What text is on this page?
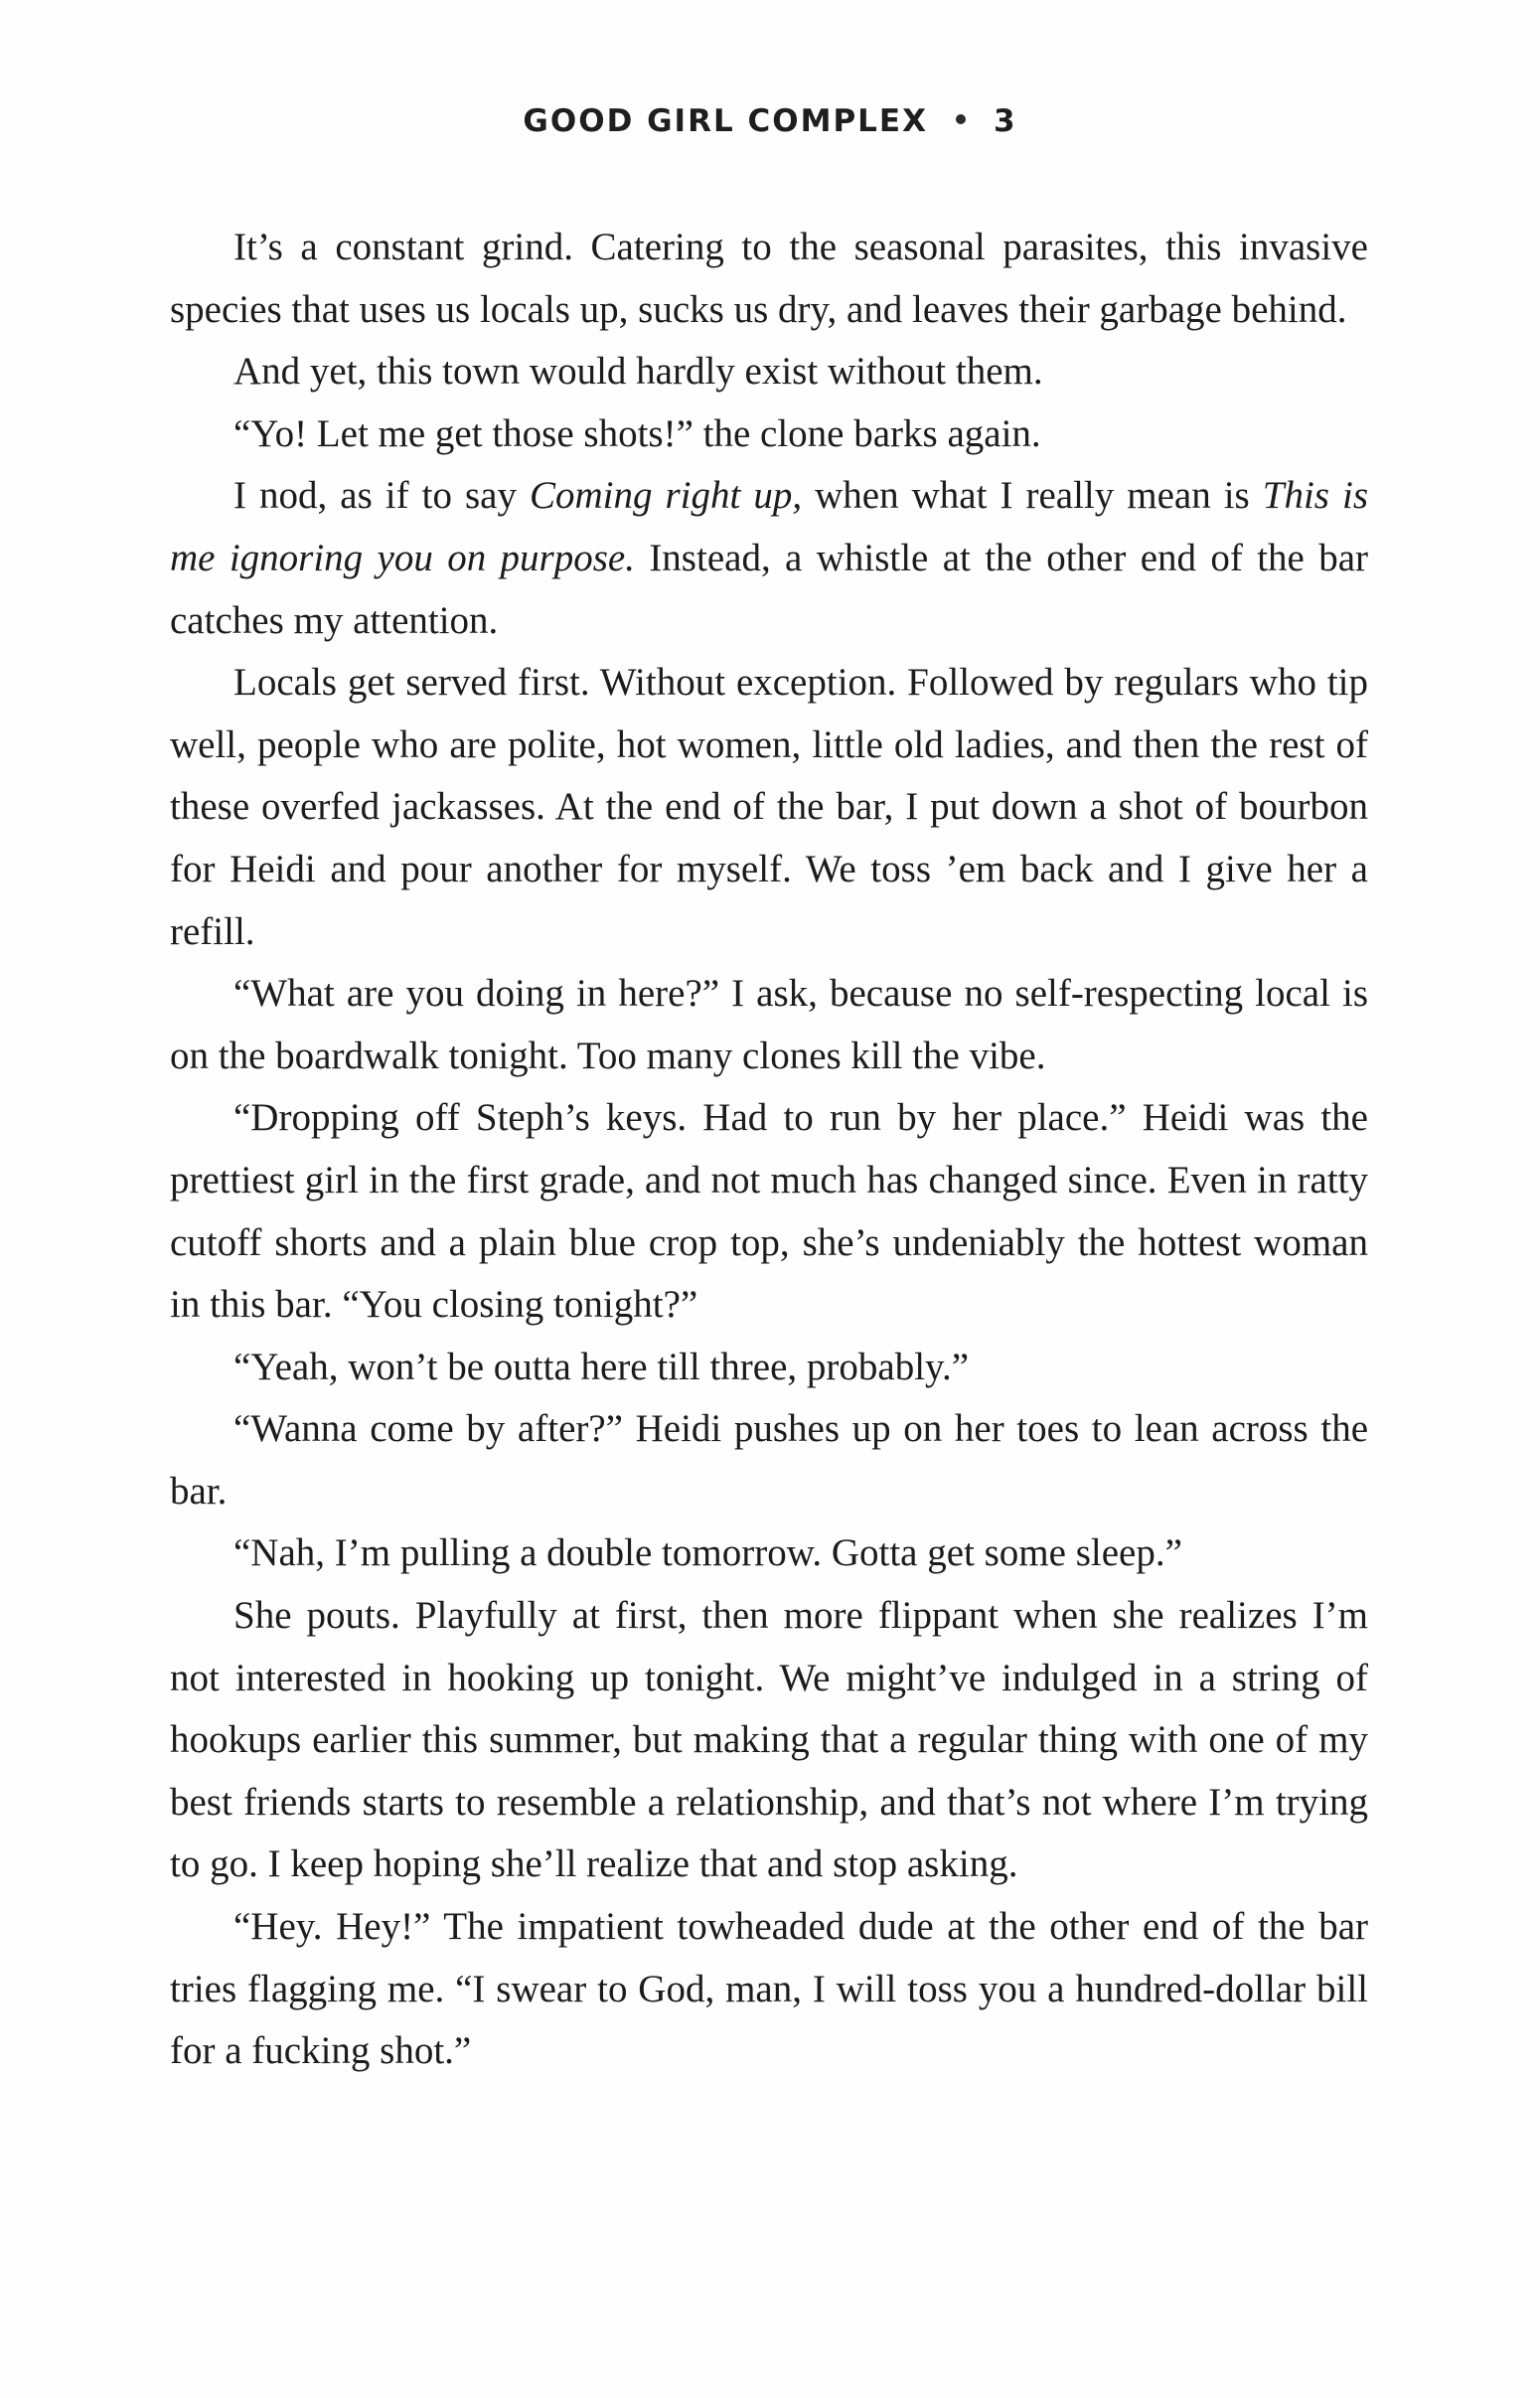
GOOD GIRL COMPLEX 3

It’s a constant grind. Catering to the seasonal parasites, this invasive species that uses us locals up, sucks us dry, and leaves their garbage behind.

And yet, this town would hardly exist without them.

“Yo! Let me get those shots!” the clone barks again.

I nod, as if to say Coming right up, when what I really mean is This is me ignoring you on purpose. Instead, a whistle at the other end of the bar catches my attention.

Locals get served first. Without exception. Followed by regulars who tip well, people who are polite, hot women, little old ladies, and then the rest of these overfed jackasses. At the end of the bar, I put down a shot of bourbon for Heidi and pour another for myself. We toss ’em back and I give her a refill.

“What are you doing in here?” I ask, because no self-respecting local is on the boardwalk tonight. Too many clones kill the vibe.

“Dropping off Steph’s keys. Had to run by her place.” Heidi was the prettiest girl in the first grade, and not much has changed since. Even in ratty cutoff shorts and a plain blue crop top, she’s undeniably the hottest woman in this bar. “You closing tonight?”

“Yeah, won’t be outta here till three, probably.”

“Wanna come by after?” Heidi pushes up on her toes to lean across the bar.

“Nah, I’m pulling a double tomorrow. Gotta get some sleep.”

She pouts. Playfully at first, then more flippant when she realizes I’m not interested in hooking up tonight. We might’ve indulged in a string of hookups earlier this summer, but making that a regular thing with one of my best friends starts to resemble a relationship, and that’s not where I’m trying to go. I keep hoping she’ll realize that and stop asking.

“Hey. Hey!” The impatient towheaded dude at the other end of the bar tries flagging me. “I swear to God, man, I will toss you a hundred-dollar bill for a fucking shot.”
